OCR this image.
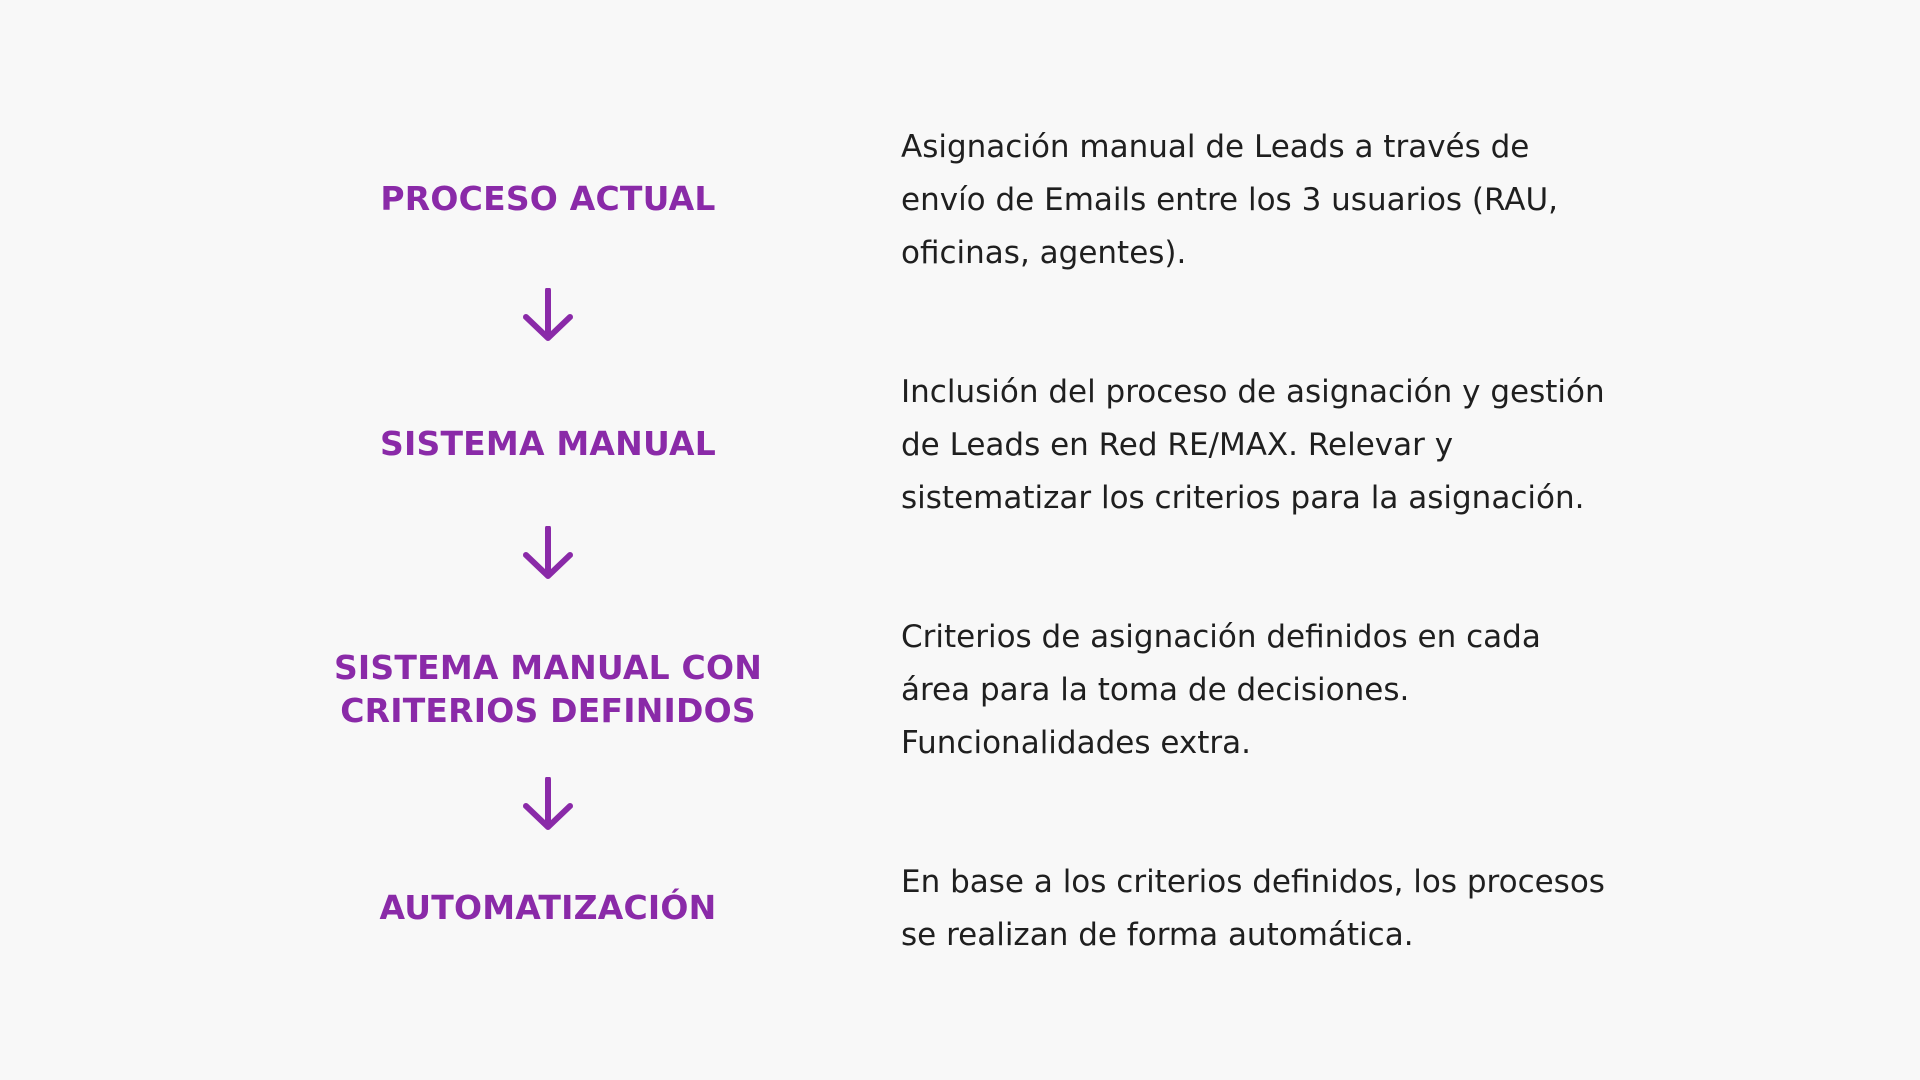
PROCESO ACTUAL
Asignación manual de Leads a través de
envío de Emails entre los 3 usuarios (RAU,
oficinas, agentes).
SISTEMA MANUAL
Inclusión del proceso de asignación y gestión
de Leads en Red RE/MAX. Relevar y
sistematizar los criterios para la asignación.
SISTEMA MANUAL CON
CRITERIOS DEFINIDOS
Criterios de asignación definidos en cada
área para la toma de decisiones.
Funcionalidades extra.
AUTOMATIZACIÓN
En base a los criterios definidos, los procesos
se realizan de forma automática.
